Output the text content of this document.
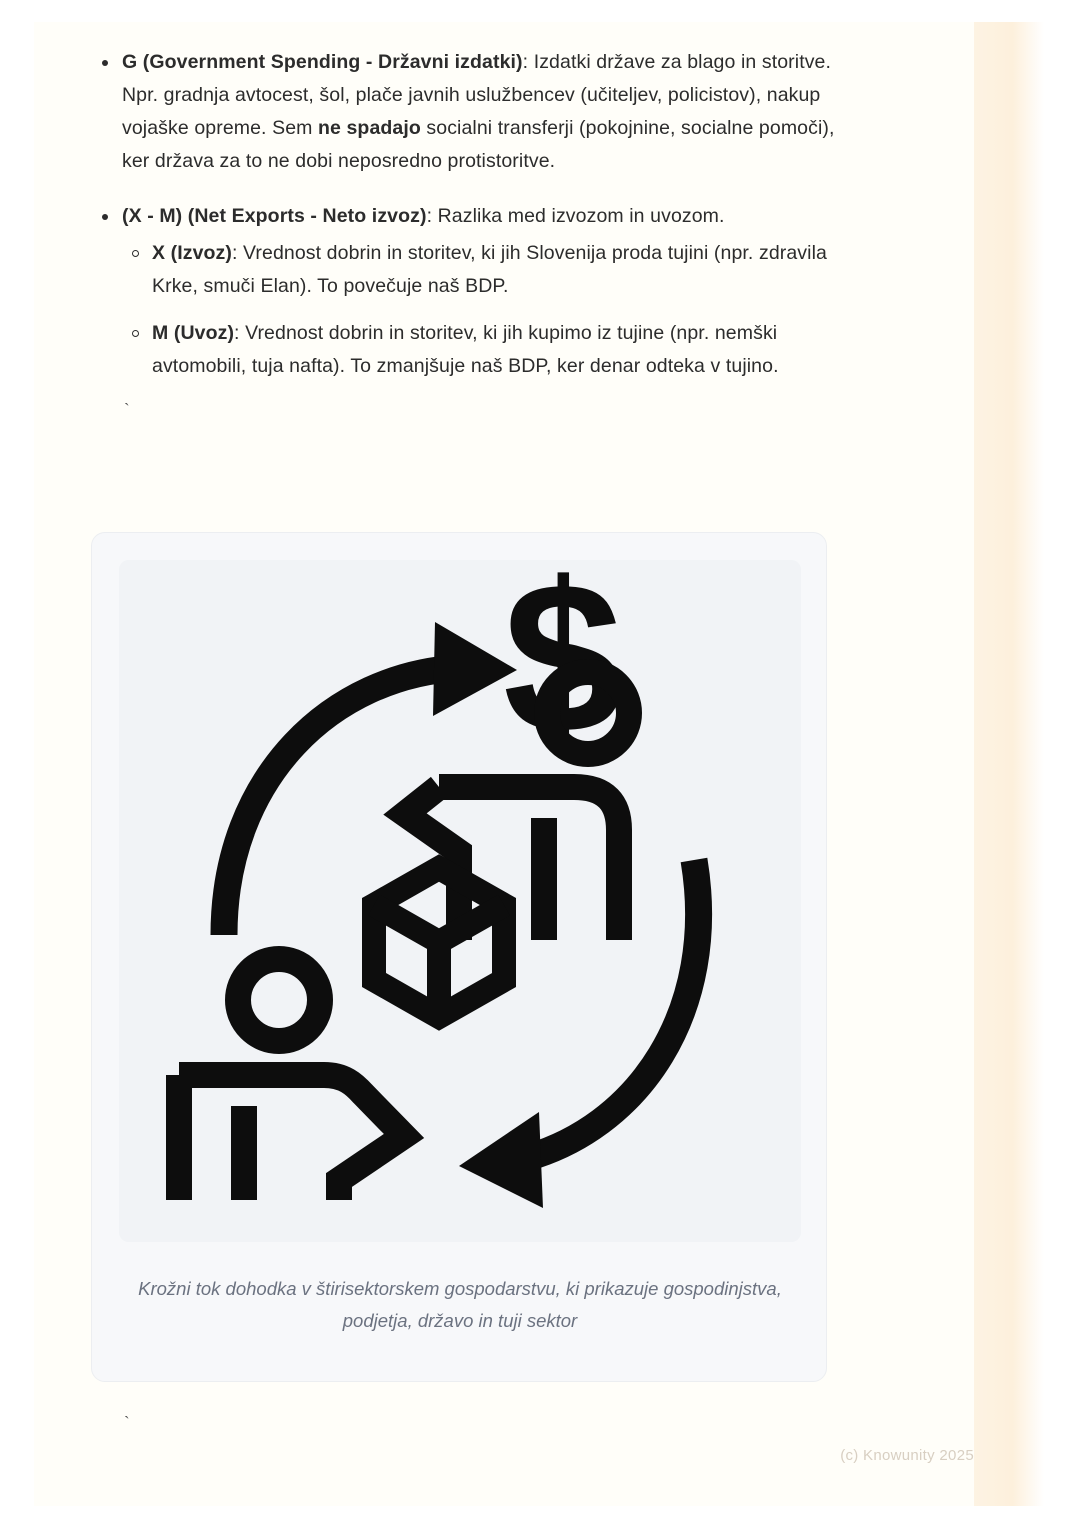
G (Government Spending - Državni izdatki): Izdatki države za blago in storitve. Npr. gradnja avtocest, šol, plače javnih uslužbencev (učiteljev, policistov), nakup vojaške opreme. Sem ne spadajo socialni transferji (pokojnine, socialne pomoči), ker država za to ne dobi neposredno protistoritve.
(X - M) (Net Exports - Neto izvoz): Razlika med izvozom in uvozom.
X (Izvoz): Vrednost dobrin in storitev, ki jih Slovenija proda tujini (npr. zdravila Krke, smuči Elan). To povečuje naš BDP.
M (Uvoz): Vrednost dobrin in storitev, ki jih kupimo iz tujine (npr. nemški avtomobili, tuja nafta). To zmanjšuje naš BDP, ker denar odteka v tujino.
`
$
Krožni tok dohodka v štirisektorskem gospodarstvu, ki prikazuje gospodinjstva, podjetja, državo in tuji sektor
`
(c) Knowunity 2025
